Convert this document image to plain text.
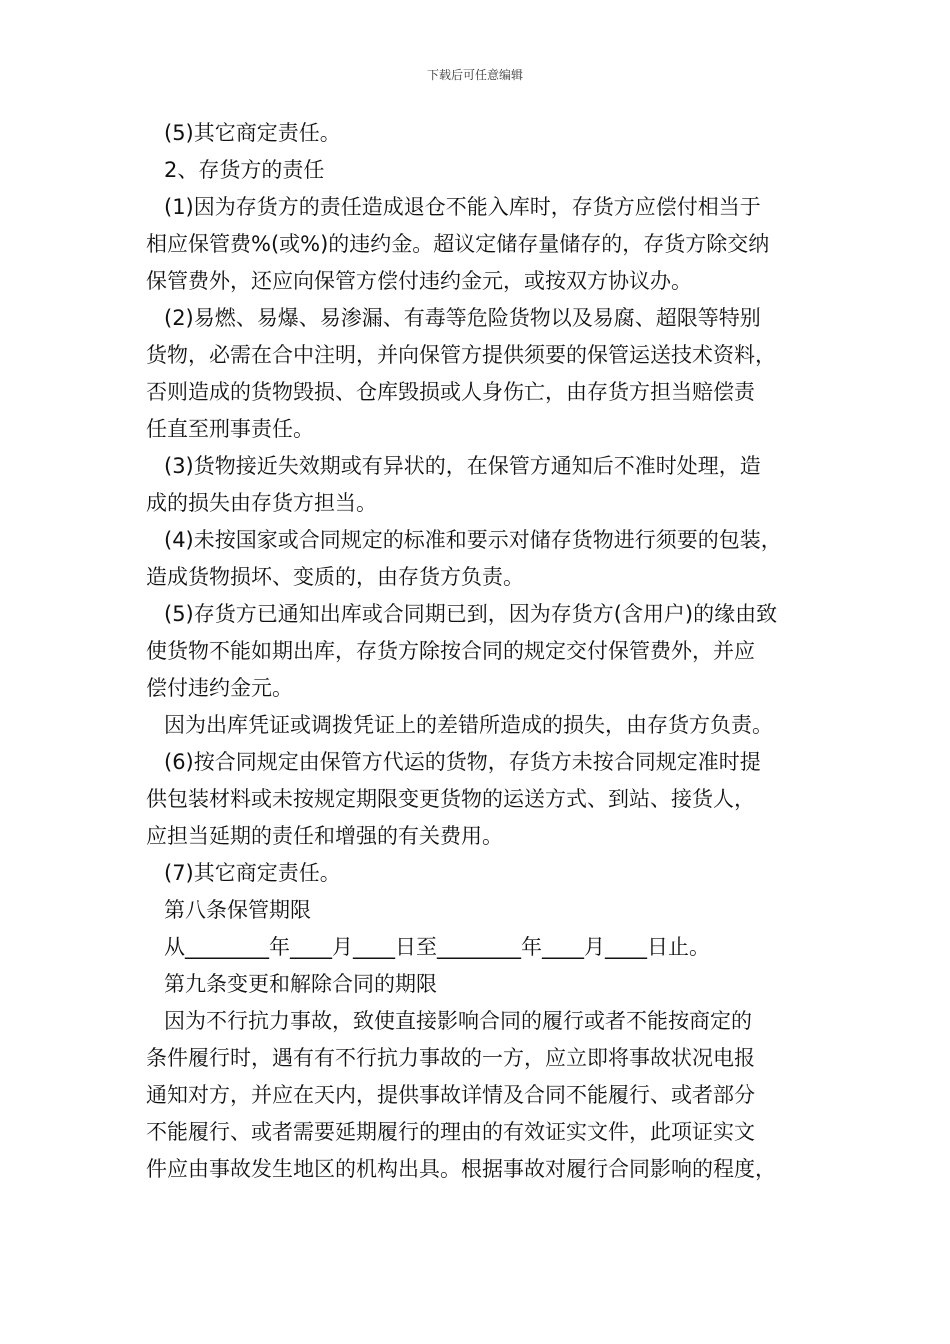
下载后可任意编辑
(5)其它商定责任。
2、存货方的责任
(1)因为存货方的责任造成退仓不能入库时，存货方应偿付相当于
相应保管费%(或%)的违约金。超议定储存量储存的，存货方除交纳
保管费外，还应向保管方偿付违约金元，或按双方协议办。
(2)易燃、易爆、易渗漏、有毒等危险货物以及易腐、超限等特别
货物，必需在合中注明，并向保管方提供须要的保管运送技术资料，
否则造成的货物毁损、仓库毁损或人身伤亡，由存货方担当赔偿责
任直至刑事责任。
(3)货物接近失效期或有异状的，在保管方通知后不准时处理，造
成的损失由存货方担当。
(4)未按国家或合同规定的标准和要示对储存货物进行须要的包装，
造成货物损坏、变质的，由存货方负责。
(5)存货方已通知出库或合同期已到，因为存货方(含用户)的缘由致
使货物不能如期出库，存货方除按合同的规定交付保管费外，并应
偿付违约金元。
因为出库凭证或调拨凭证上的差错所造成的损失，由存货方负责。
(6)按合同规定由保管方代运的货物，存货方未按合同规定准时提
供包装材料或未按规定期限变更货物的运送方式、到站、接货人，
应担当延期的责任和增强的有关费用。
(7)其它商定责任。
第八条保管期限
从________年____月____日至________年____月____日止。
第九条变更和解除合同的期限
因为不行抗力事故，致使直接影响合同的履行或者不能按商定的
条件履行时，遇有有不行抗力事故的一方，应立即将事故状况电报
通知对方，并应在天内，提供事故详情及合同不能履行、或者部分
不能履行、或者需要延期履行的理由的有效证实文件，此项证实文
件应由事故发生地区的机构出具。根据事故对履行合同影响的程度，
